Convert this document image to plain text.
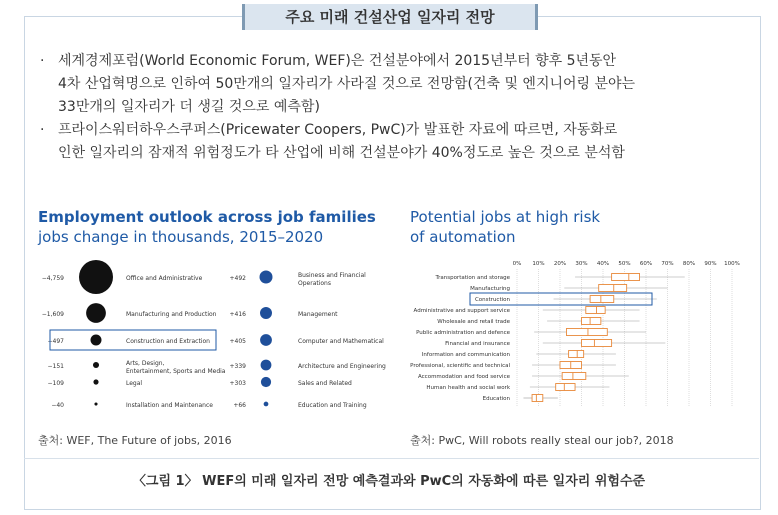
주요 미래 건설산업 일자리 전망
· 세계경제포럼(World Economic Forum, WEF)은 건설분야에서 2015년부터 향후 5년동안
4차 산업혁명으로 인하여 50만개의 일자리가 사라질 것으로 전망함(건축 및 엔지니어링 분야는
33만개의 일자리가 더 생길 것으로 예측함)
· 프라이스워터하우스쿠퍼스(Pricewater Coopers, PwC)가 발표한 자료에 따르면, 자동화로
인한 일자리의 잠재적 위험정도가 타 산업에 비해 건설분야가 40%정도로 높은 것으로 분석함
Employment outlook across job families
jobs change in thousands, 2015–2020
Potential jobs at high risk
of automation
−4,759	Office and Administrative
−1,609	Manufacturing and Production
−497	Construction and Extraction
−151	Arts, Design,
Entertainment, Sports and Media
−109	Legal
−40	Installation and Maintenance
+492	Business and Financial
Operations
+416	Management
+405	Computer and Mathematical
+339	Architecture and Engineering
+303	Sales and Related
+66	Education and Training
0% 10% 20% 30% 40% 50% 60% 70% 80% 90% 100%
Transportation and storage
Manufacturing
Construction
Administrative and support service
Wholesale and retail trade
Public administration and defence
Financial and insurance
Information and communication
Professional, scientific and technical
Accommodation and food service
Human health and social work
Education
출처: WEF, The Future of jobs, 2016	출처: PwC, Will robots really steal our job?, 2018
〈그림 1〉 WEF의 미래 일자리 전망 예측결과와 PwC의 자동화에 따른 일자리 위험수준
